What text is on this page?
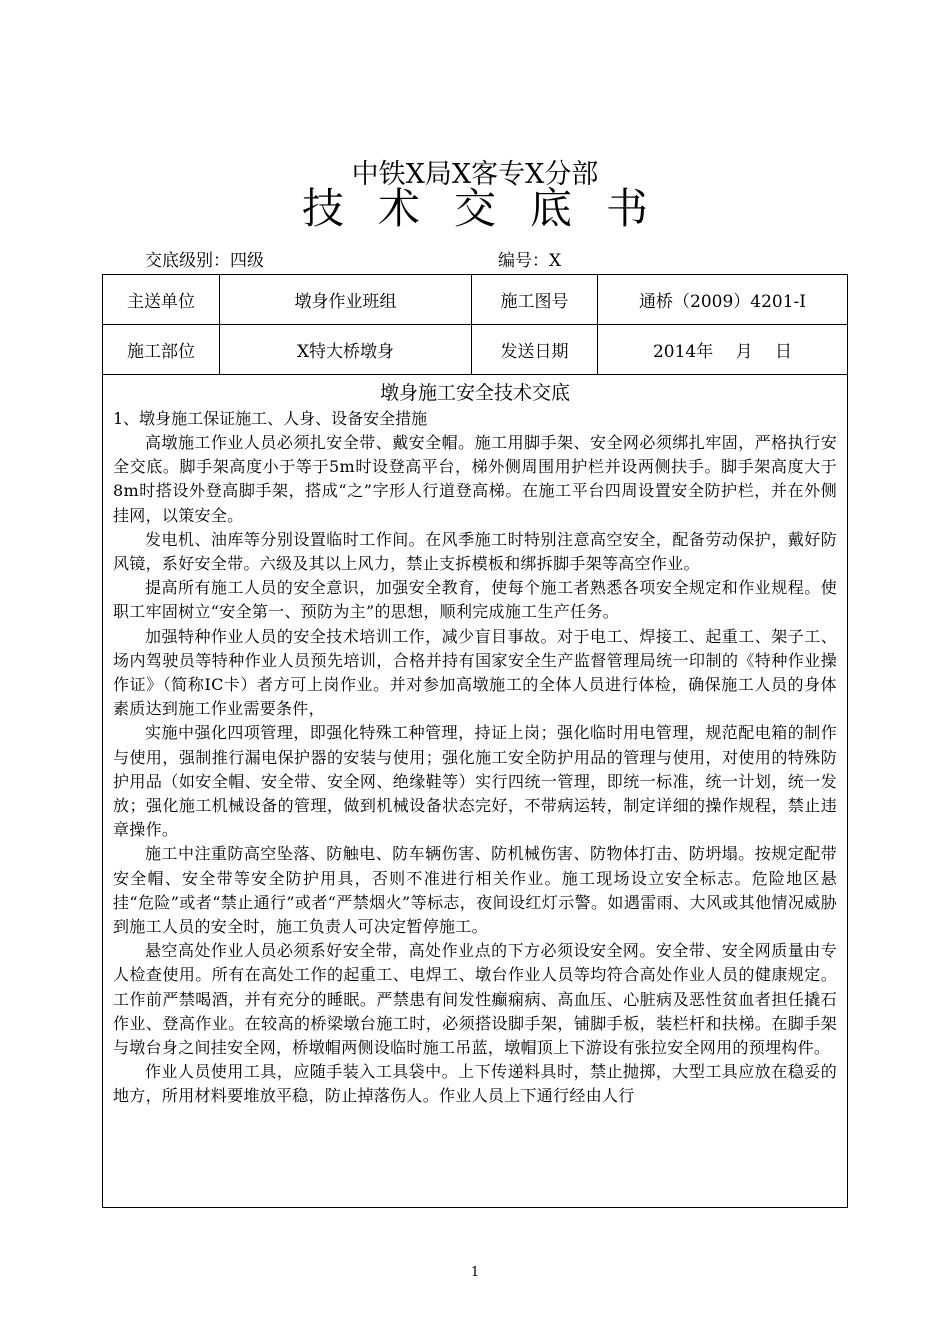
中铁X局X客专X分部
技术交底书
交底级别：四级	编号：X
主送单位	墩身作业班组	施工图号	通桥（2009）4201-Ⅰ
施工部位	X特大桥墩身	发送日期	2014年　 月　 日
墩身施工安全技术交底

1、墩身施工保证施工、人身、设备安全措施

高墩施工作业人员必须扎安全带、戴安全帽。施工用脚手架、安全网必须绑扎牢固，严格执行安全交底。脚手架高度小于等于5m时设登高平台，梯外侧周围用护栏并设两侧扶手。脚手架高度大于8m时搭设外登高脚手架，搭成“之”字形人行道登高梯。在施工平台四周设置安全防护栏，并在外侧挂网，以策安全。

发电机、油库等分别设置临时工作间。在风季施工时特别注意高空安全，配备劳动保护，戴好防风镜，系好安全带。六级及其以上风力，禁止支拆模板和绑拆脚手架等高空作业。

提高所有施工人员的安全意识，加强安全教育，使每个施工者熟悉各项安全规定和作业规程。使职工牢固树立“安全第一、预防为主”的思想，顺利完成施工生产任务。

加强特种作业人员的安全技术培训工作，减少盲目事故。对于电工、焊接工、起重工、架子工、场内驾驶员等特种作业人员预先培训，合格并持有国家安全生产监督管理局统一印制的《特种作业操作证》（简称IC卡）者方可上岗作业。并对参加高墩施工的全体人员进行体检，确保施工人员的身体素质达到施工作业需要条件，

实施中强化四项管理，即强化特殊工种管理，持证上岗；强化临时用电管理，规范配电箱的制作与使用，强制推行漏电保护器的安装与使用；强化施工安全防护用品的管理与使用，对使用的特殊防护用品（如安全帽、安全带、安全网、绝缘鞋等）实行四统一管理，即统一标准，统一计划，统一发放；强化施工机械设备的管理，做到机械设备状态完好，不带病运转，制定详细的操作规程，禁止违章操作。

施工中注重防高空坠落、防触电、防车辆伤害、防机械伤害、防物体打击、防坍塌。按规定配带安全帽、安全带等安全防护用具，否则不准进行相关作业。施工现场设立安全标志。危险地区悬挂“危险”或者“禁止通行”或者“严禁烟火”等标志，夜间设红灯示警。如遇雷雨、大风或其他情况威胁到施工人员的安全时，施工负责人可决定暂停施工。

悬空高处作业人员必须系好安全带，高处作业点的下方必须设安全网。安全带、安全网质量由专人检查使用。所有在高处工作的起重工、电焊工、墩台作业人员等均符合高处作业人员的健康规定。工作前严禁喝酒，并有充分的睡眠。严禁患有间发性癫痫病、高血压、心脏病及恶性贫血者担任撬石作业、登高作业。在较高的桥梁墩台施工时，必须搭设脚手架，铺脚手板，装栏杆和扶梯。在脚手架与墩台身之间挂安全网，桥墩帽两侧设临时施工吊蓝，墩帽顶上下游设有张拉安全网用的预埋构件。

作业人员使用工具，应随手装入工具袋中。上下传递料具时，禁止抛掷，大型工具应放在稳妥的地方，所用材料要堆放平稳，防止掉落伤人。作业人员上下通行经由人行

1
